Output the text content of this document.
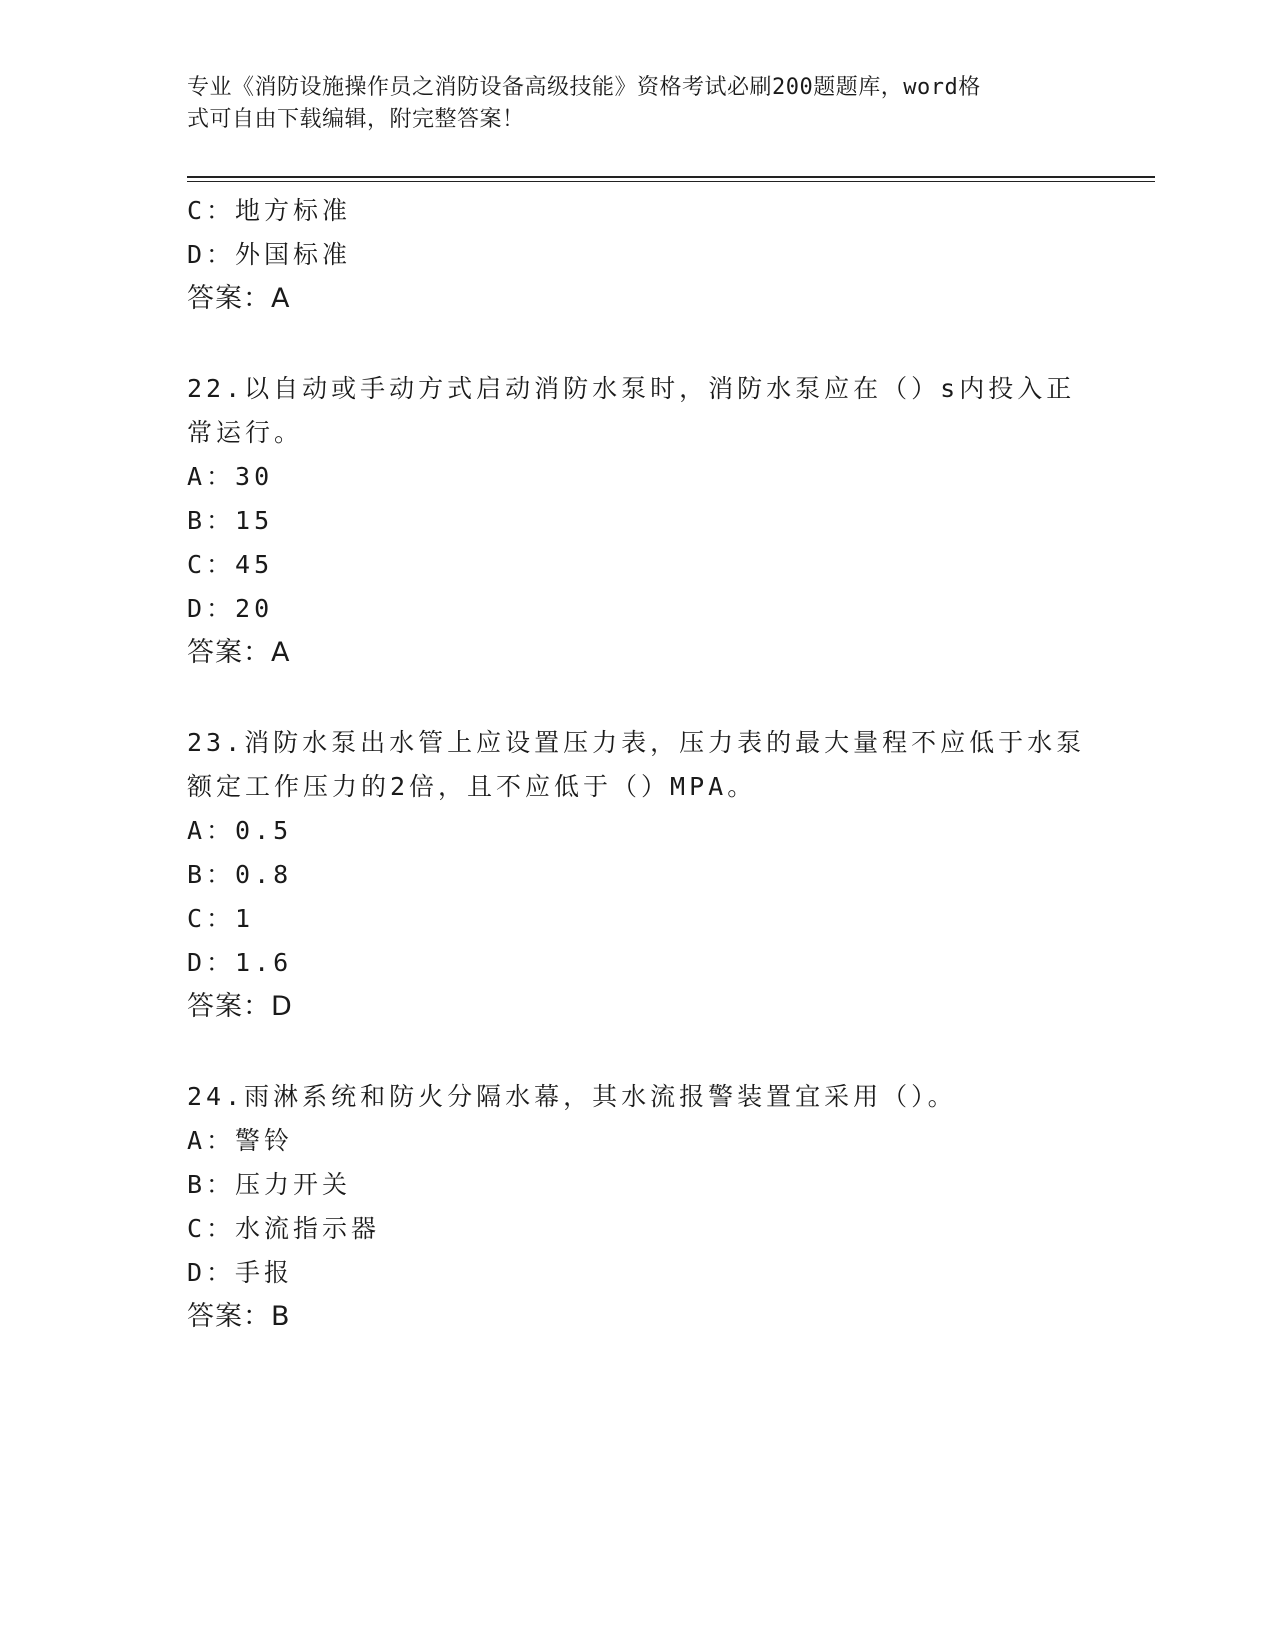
专业《消防设施操作员之消防设备高级技能》资格考试必刷200题题库，word格
式可自由下载编辑，附完整答案！
C：地方标准
D：外国标准
答案：A
22.以自动或手动方式启动消防水泵时，消防水泵应在（）s内投入正
常运行。
A：30
B：15
C：45
D：20
答案：A
23.消防水泵出水管上应设置压力表，压力表的最大量程不应低于水泵
额定工作压力的2倍，且不应低于（）MPA。
A：0.5
B：0.8
C：1
D：1.6
答案：D
24.雨淋系统和防火分隔水幕，其水流报警装置宜采用（）。
A：警铃
B：压力开关
C：水流指示器
D：手报
答案：B
